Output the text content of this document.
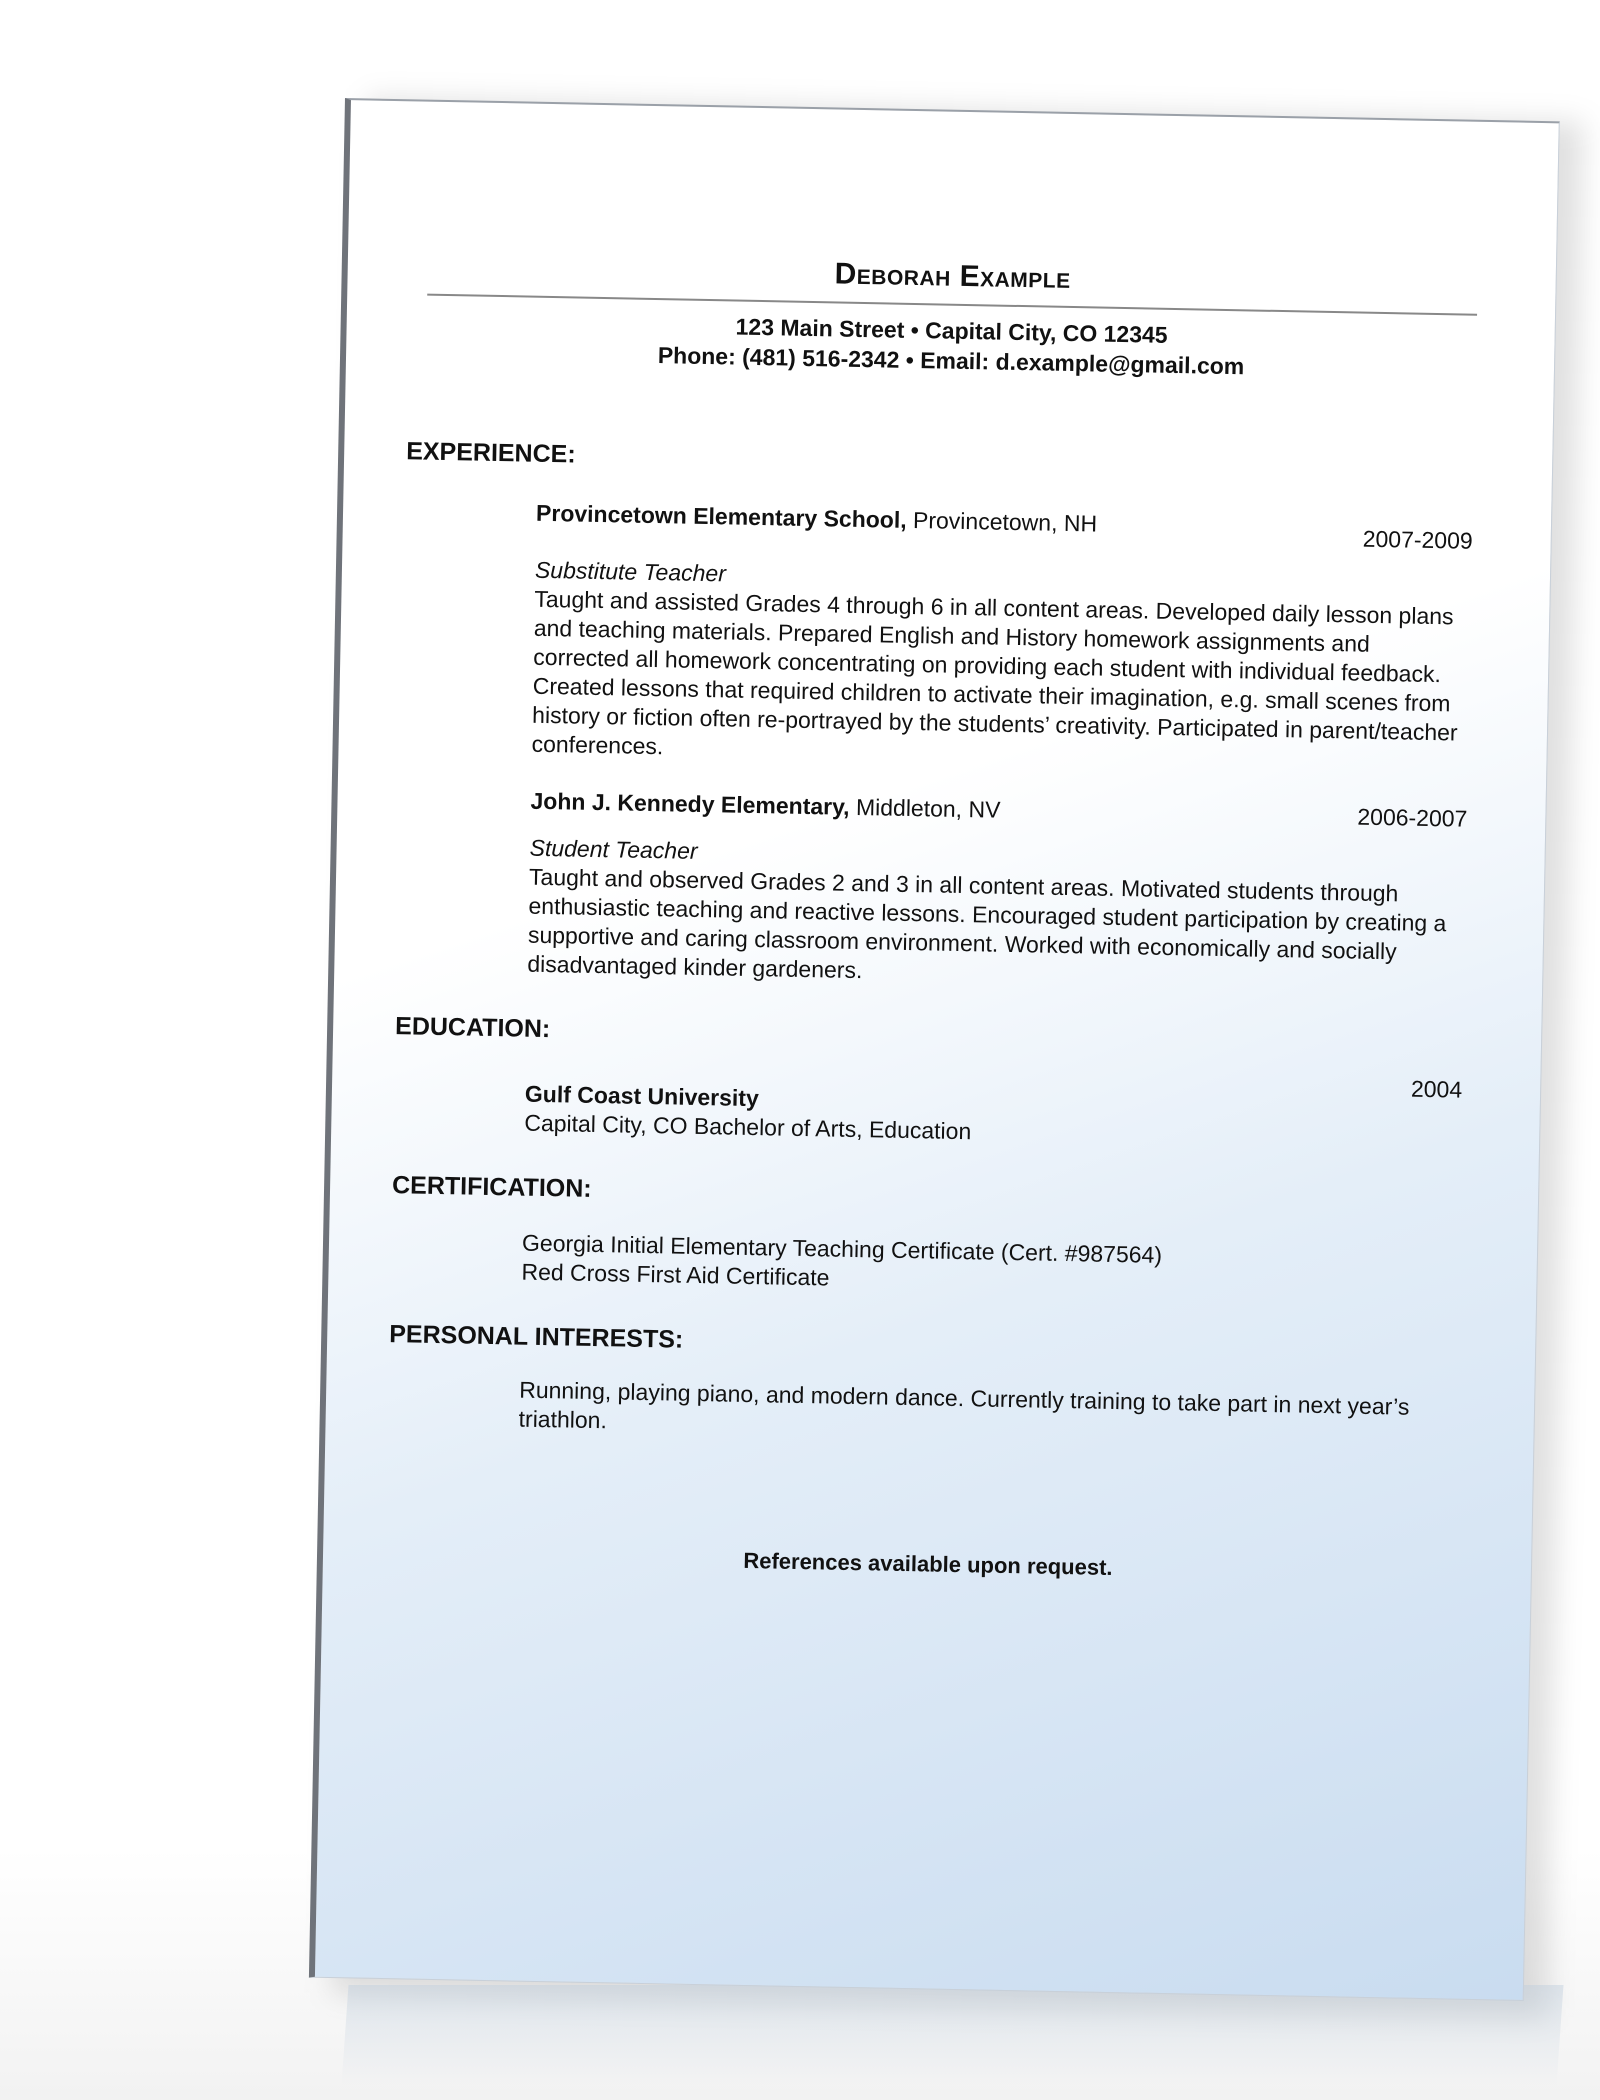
Deborah Example
123 Main Street • Capital City, CO 12345
Phone: (481) 516-2342 • Email: d.example@gmail.com
EXPERIENCE:
Provincetown Elementary School, Provincetown, NH
2007-2009
Substitute Teacher

Taught and assisted Grades 4 through 6 in all content areas. Developed daily lesson plans and teaching materials. Prepared English and History homework assignments and corrected all homework concentrating on providing each student with individual feedback. Created lessons that required children to activate their imagination, e.g. small scenes from history or fiction often re-portrayed by the students’ creativity. Participated in parent/teacher conferences.

John J. Kennedy Elementary, Middleton, NV	2006-2007
Student Teacher

Taught and observed Grades 2 and 3 in all content areas. Motivated students through enthusiastic teaching and reactive lessons. Encouraged student participation by creating a supportive and caring classroom environment. Worked with economically and socially disadvantaged kinder gardeners.

EDUCATION:
Gulf Coast University	2004
Capital City, CO Bachelor of Arts, Education
CERTIFICATION:
Georgia Initial Elementary Teaching Certificate (Cert. #987564)
Red Cross First Aid Certificate
PERSONAL INTERESTS:
Running, playing piano, and modern dance. Currently training to take part in next year’s triathlon.
References available upon request.
